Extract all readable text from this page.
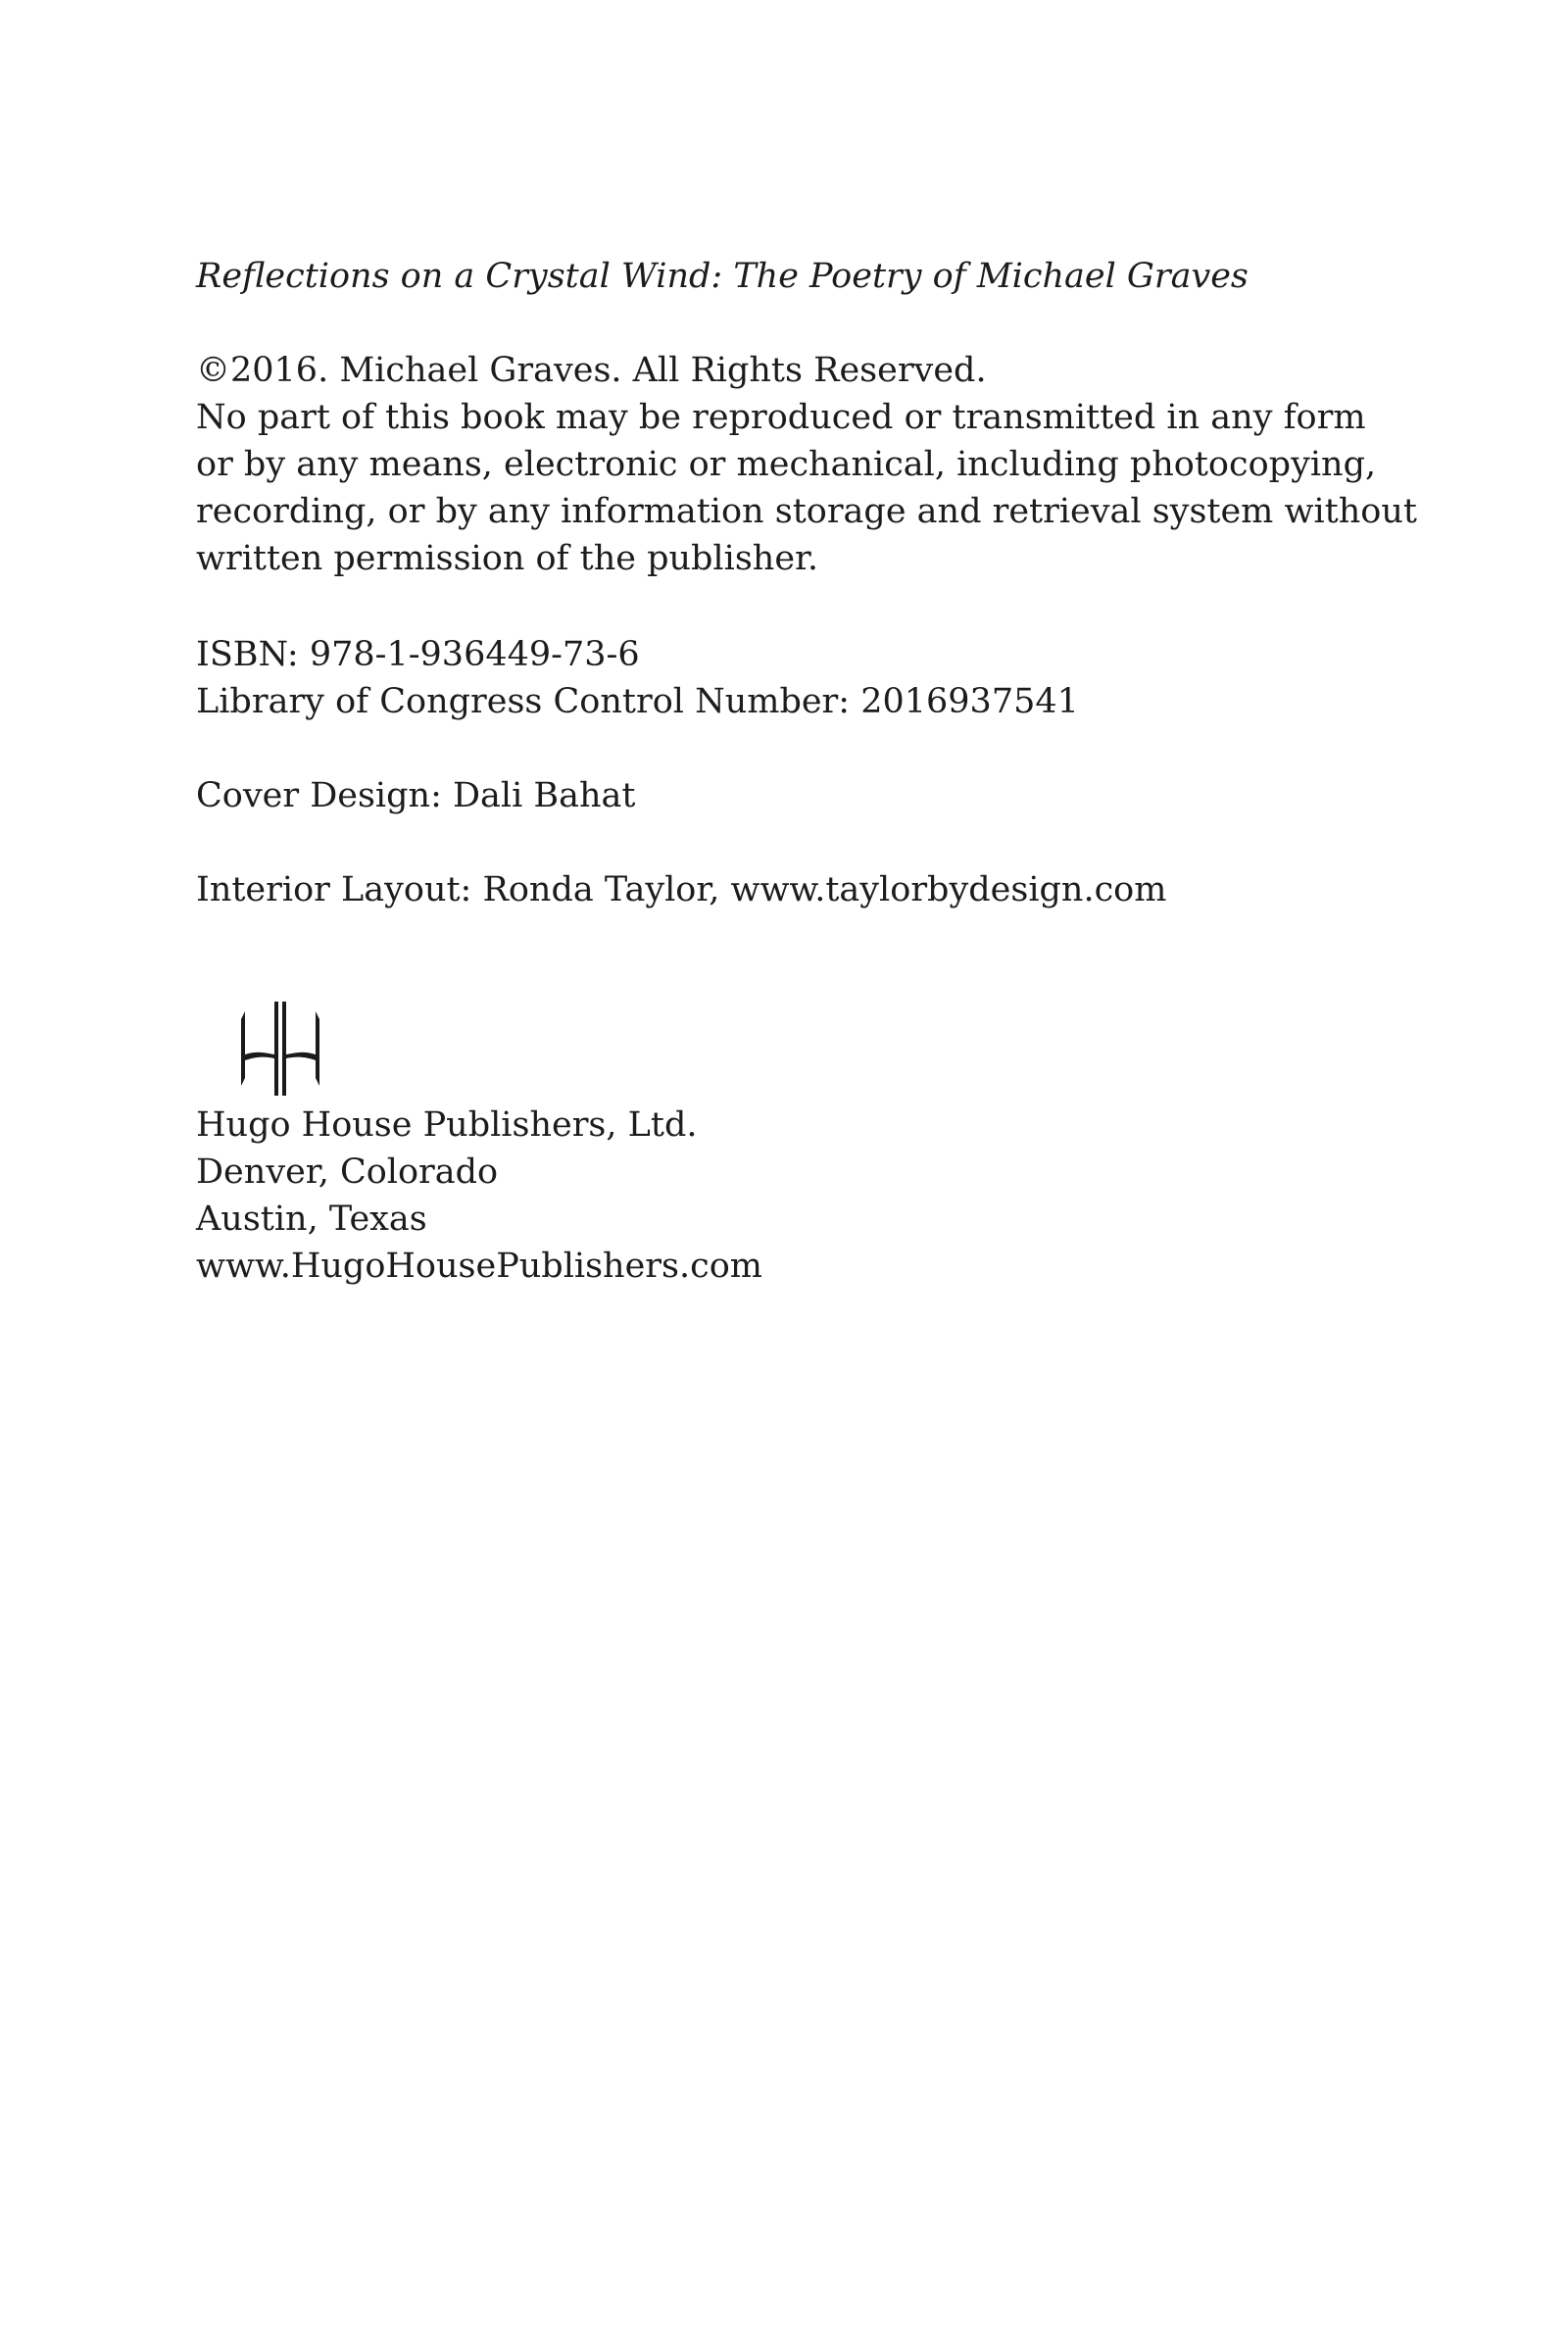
Reflections on a Crystal Wind: The Poetry of Michael Graves
©2016. Michael Graves. All Rights Reserved.
No part of this book may be reproduced or transmitted in any form
or by any means, electronic or mechanical, including photocopying,
recording, or by any information storage and retrieval system without
written permission of the publisher.
ISBN: 978-1-936449-73-6
Library of Congress Control Number: 2016937541
Cover Design: Dali Bahat
Interior Layout: Ronda Taylor, www.taylorbydesign.com
Hugo House Publishers, Ltd.
Denver, Colorado
Austin, Texas
www.HugoHousePublishers.com
